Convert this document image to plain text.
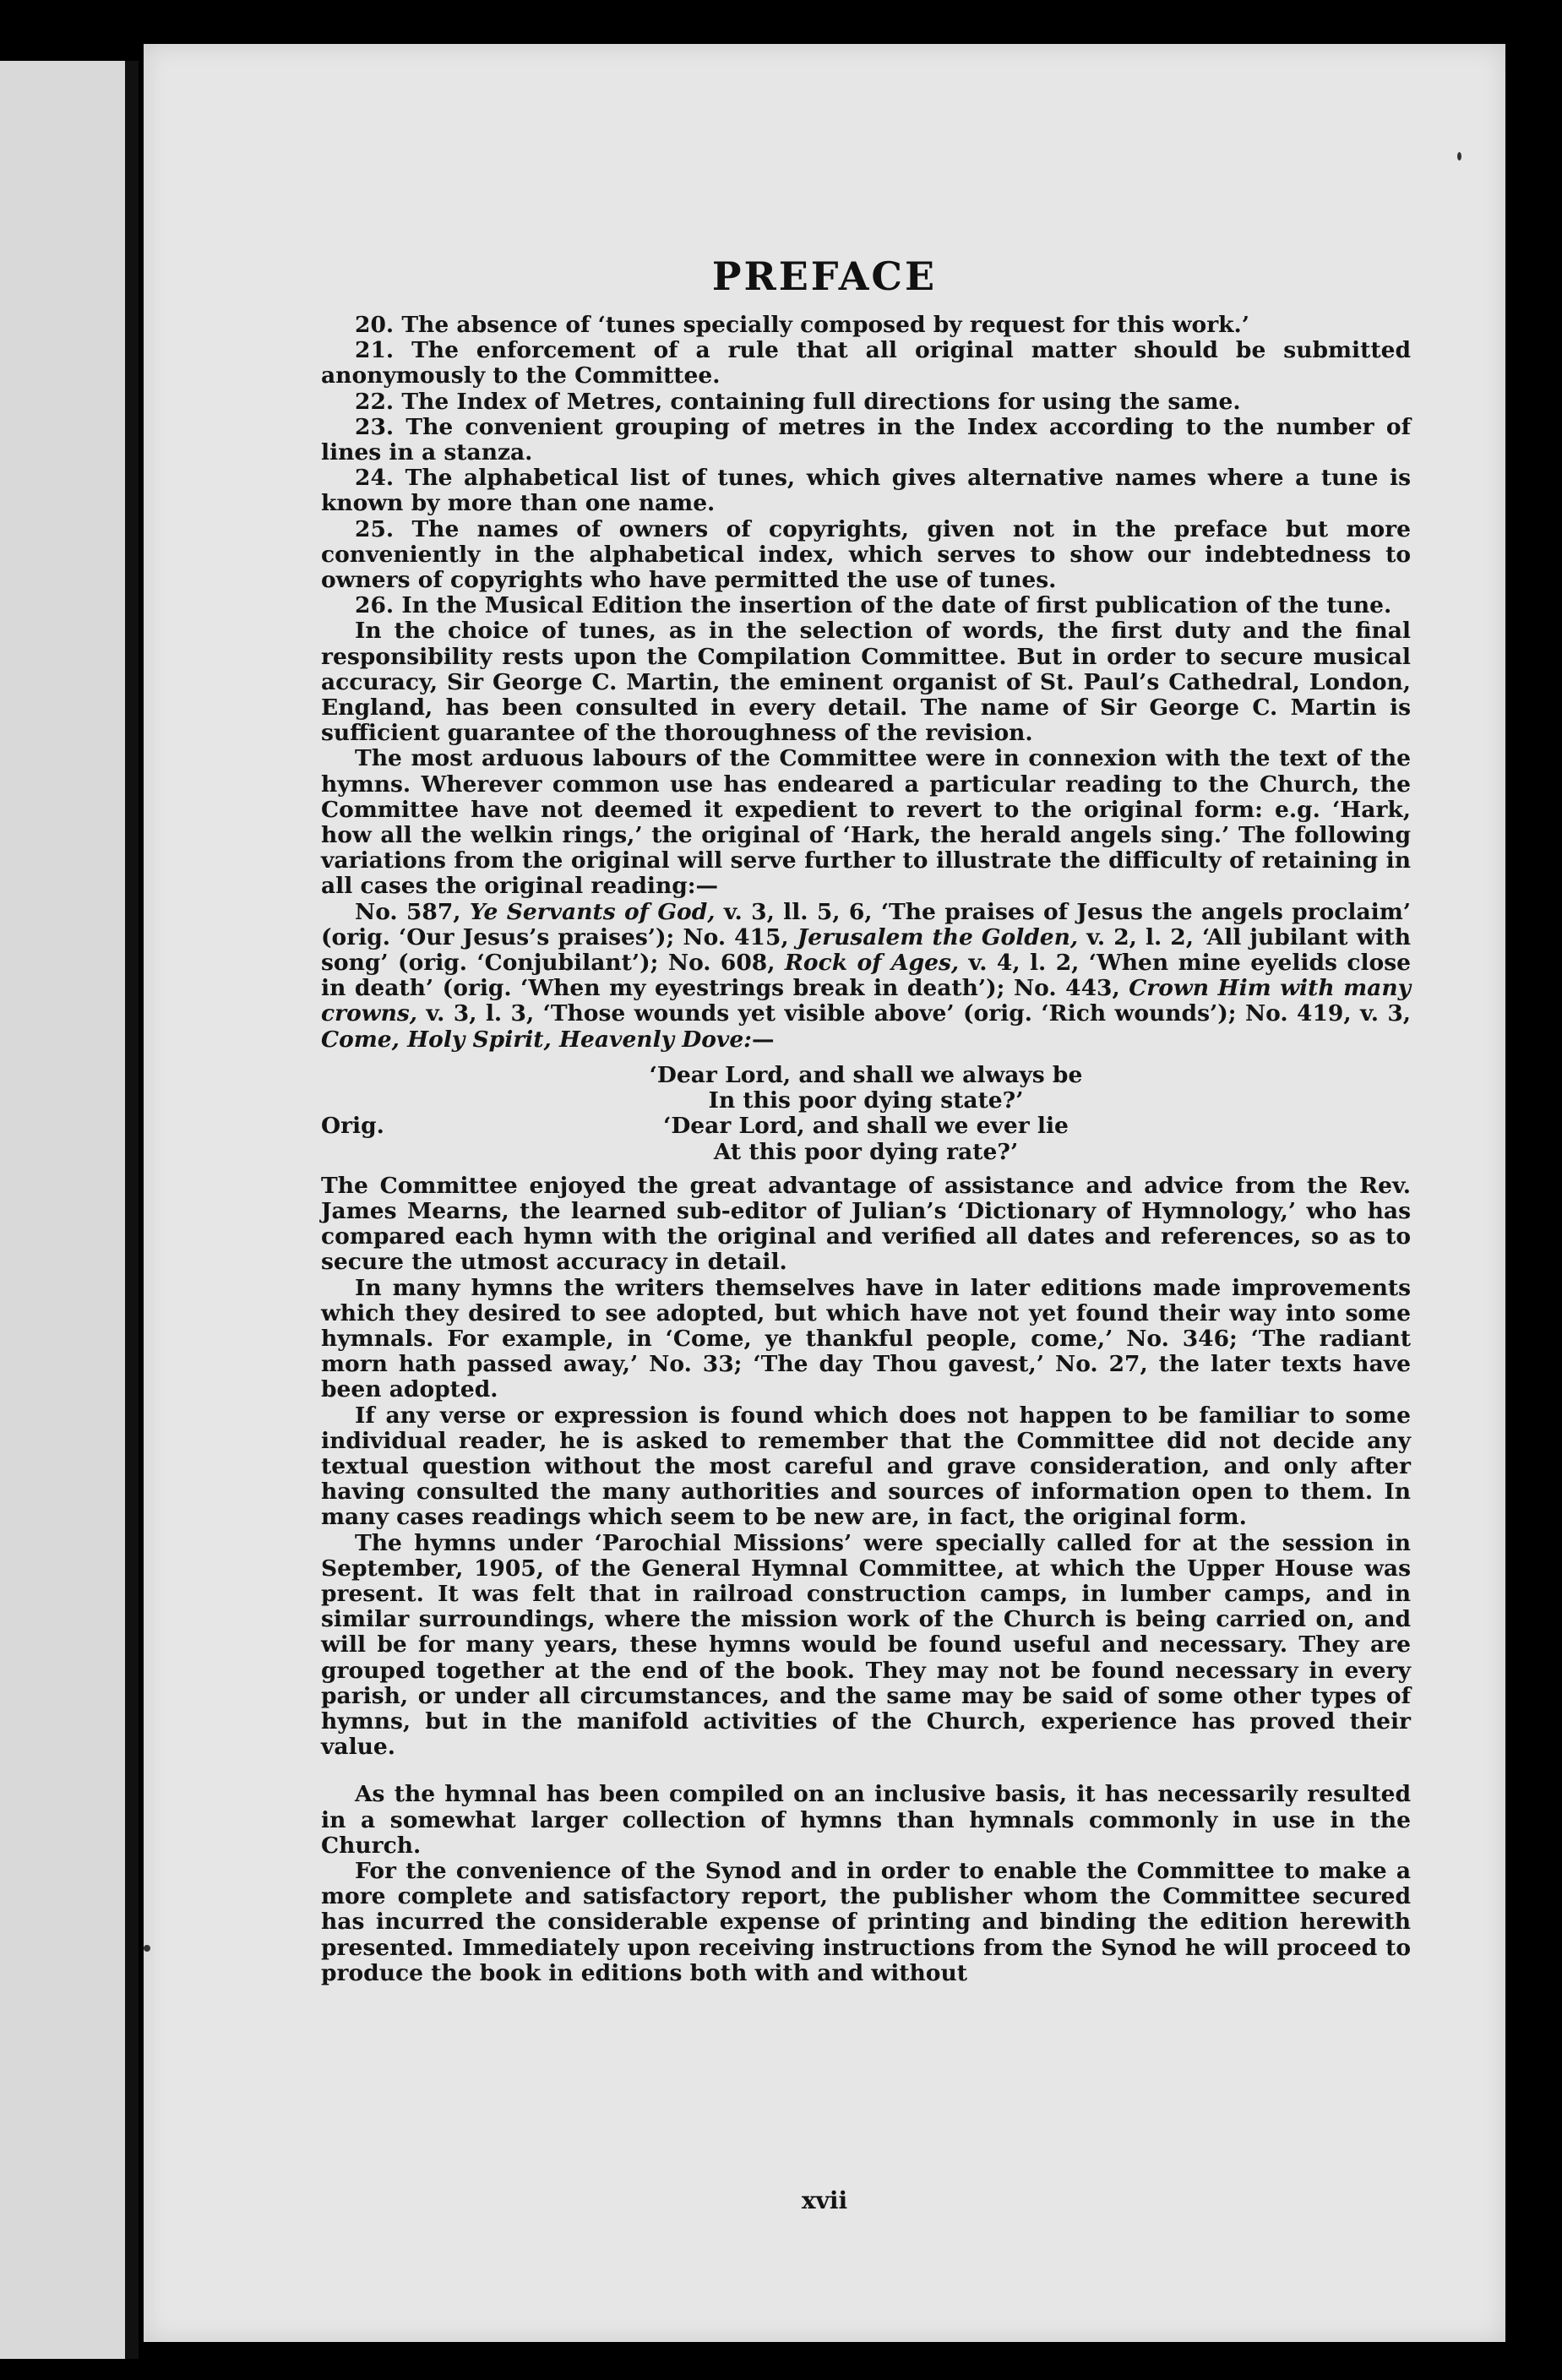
PREFACE

20. The absence of ‘tunes specially composed by request for this work.’

21. The enforcement of a rule that all original matter should be submitted anonymously to the Committee.

22. The Index of Metres, containing full directions for using the same.

23. The convenient grouping of metres in the Index according to the number of lines in a stanza.

24. The alphabetical list of tunes, which gives alternative names where a tune is known by more than one name.

25. The names of owners of copyrights, given not in the preface but more conveniently in the alphabetical index, which serves to show our indebtedness to owners of copyrights who have permitted the use of tunes.

26. In the Musical Edition the insertion of the date of first publication of the tune.

In the choice of tunes, as in the selection of words, the first duty and the final responsibility rests upon the Compilation Committee. But in order to secure musical accuracy, Sir George C. Martin, the eminent organist of St. Paul’s Cathedral, London, England, has been consulted in every detail. The name of Sir George C. Martin is sufficient guarantee of the thoroughness of the revision.

The most arduous labours of the Committee were in connexion with the text of the hymns. Wherever common use has endeared a particular reading to the Church, the Committee have not deemed it expedient to revert to the original form: e.g. ‘Hark, how all the welkin rings,’ the original of ‘Hark, the herald angels sing.’ The following variations from the original will serve further to illustrate the difficulty of retaining in all cases the original reading:—

No. 587, Ye Servants of God, v. 3, ll. 5, 6, ‘The praises of Jesus the angels proclaim’ (orig. ‘Our Jesus’s praises’); No. 415, Jerusalem the Golden, v. 2, l. 2, ‘All jubilant with song’ (orig. ‘Conjubilant’); No. 608, Rock of Ages, v. 4, l. 2, ‘When mine eyelids close in death’ (orig. ‘When my eyestrings break in death’); No. 443, Crown Him with many crowns, v. 3, l. 3, ‘Those wounds yet visible above’ (orig. ‘Rich wounds’); No. 419, v. 3, Come, Holy Spirit, Heavenly Dove:—

‘Dear Lord, and shall we always be

In this poor dying state?’

Orig.	‘Dear Lord, and shall we ever lie

At this poor dying rate?’

The Committee enjoyed the great advantage of assistance and advice from the Rev. James Mearns, the learned sub-editor of Julian’s ‘Dictionary of Hymnology,’ who has compared each hymn with the original and verified all dates and references, so as to secure the utmost accuracy in detail.

In many hymns the writers themselves have in later editions made improvements which they desired to see adopted, but which have not yet found their way into some hymnals. For example, in ‘Come, ye thankful people, come,’ No. 346; ‘The radiant morn hath passed away,’ No. 33; ‘The day Thou gavest,’ No. 27, the later texts have been adopted.

If any verse or expression is found which does not happen to be familiar to some individual reader, he is asked to remember that the Committee did not decide any textual question without the most careful and grave consideration, and only after having consulted the many authorities and sources of information open to them. In many cases readings which seem to be new are, in fact, the original form.

The hymns under ‘Parochial Missions’ were specially called for at the session in September, 1905, of the General Hymnal Committee, at which the Upper House was present. It was felt that in railroad construction camps, in lumber camps, and in similar surroundings, where the mission work of the Church is being carried on, and will be for many years, these hymns would be found useful and necessary. They are grouped together at the end of the book. They may not be found necessary in every parish, or under all circumstances, and the same may be said of some other types of hymns, but in the manifold activities of the Church, experience has proved their value.

As the hymnal has been compiled on an inclusive basis, it has necessarily resulted in a somewhat larger collection of hymns than hymnals commonly in use in the Church.

For the convenience of the Synod and in order to enable the Committee to make a more complete and satisfactory report, the publisher whom the Committee secured has incurred the considerable expense of printing and binding the edition herewith presented. Immediately upon receiving instructions from the Synod he will proceed to produce the book in editions both with and without

xvii
